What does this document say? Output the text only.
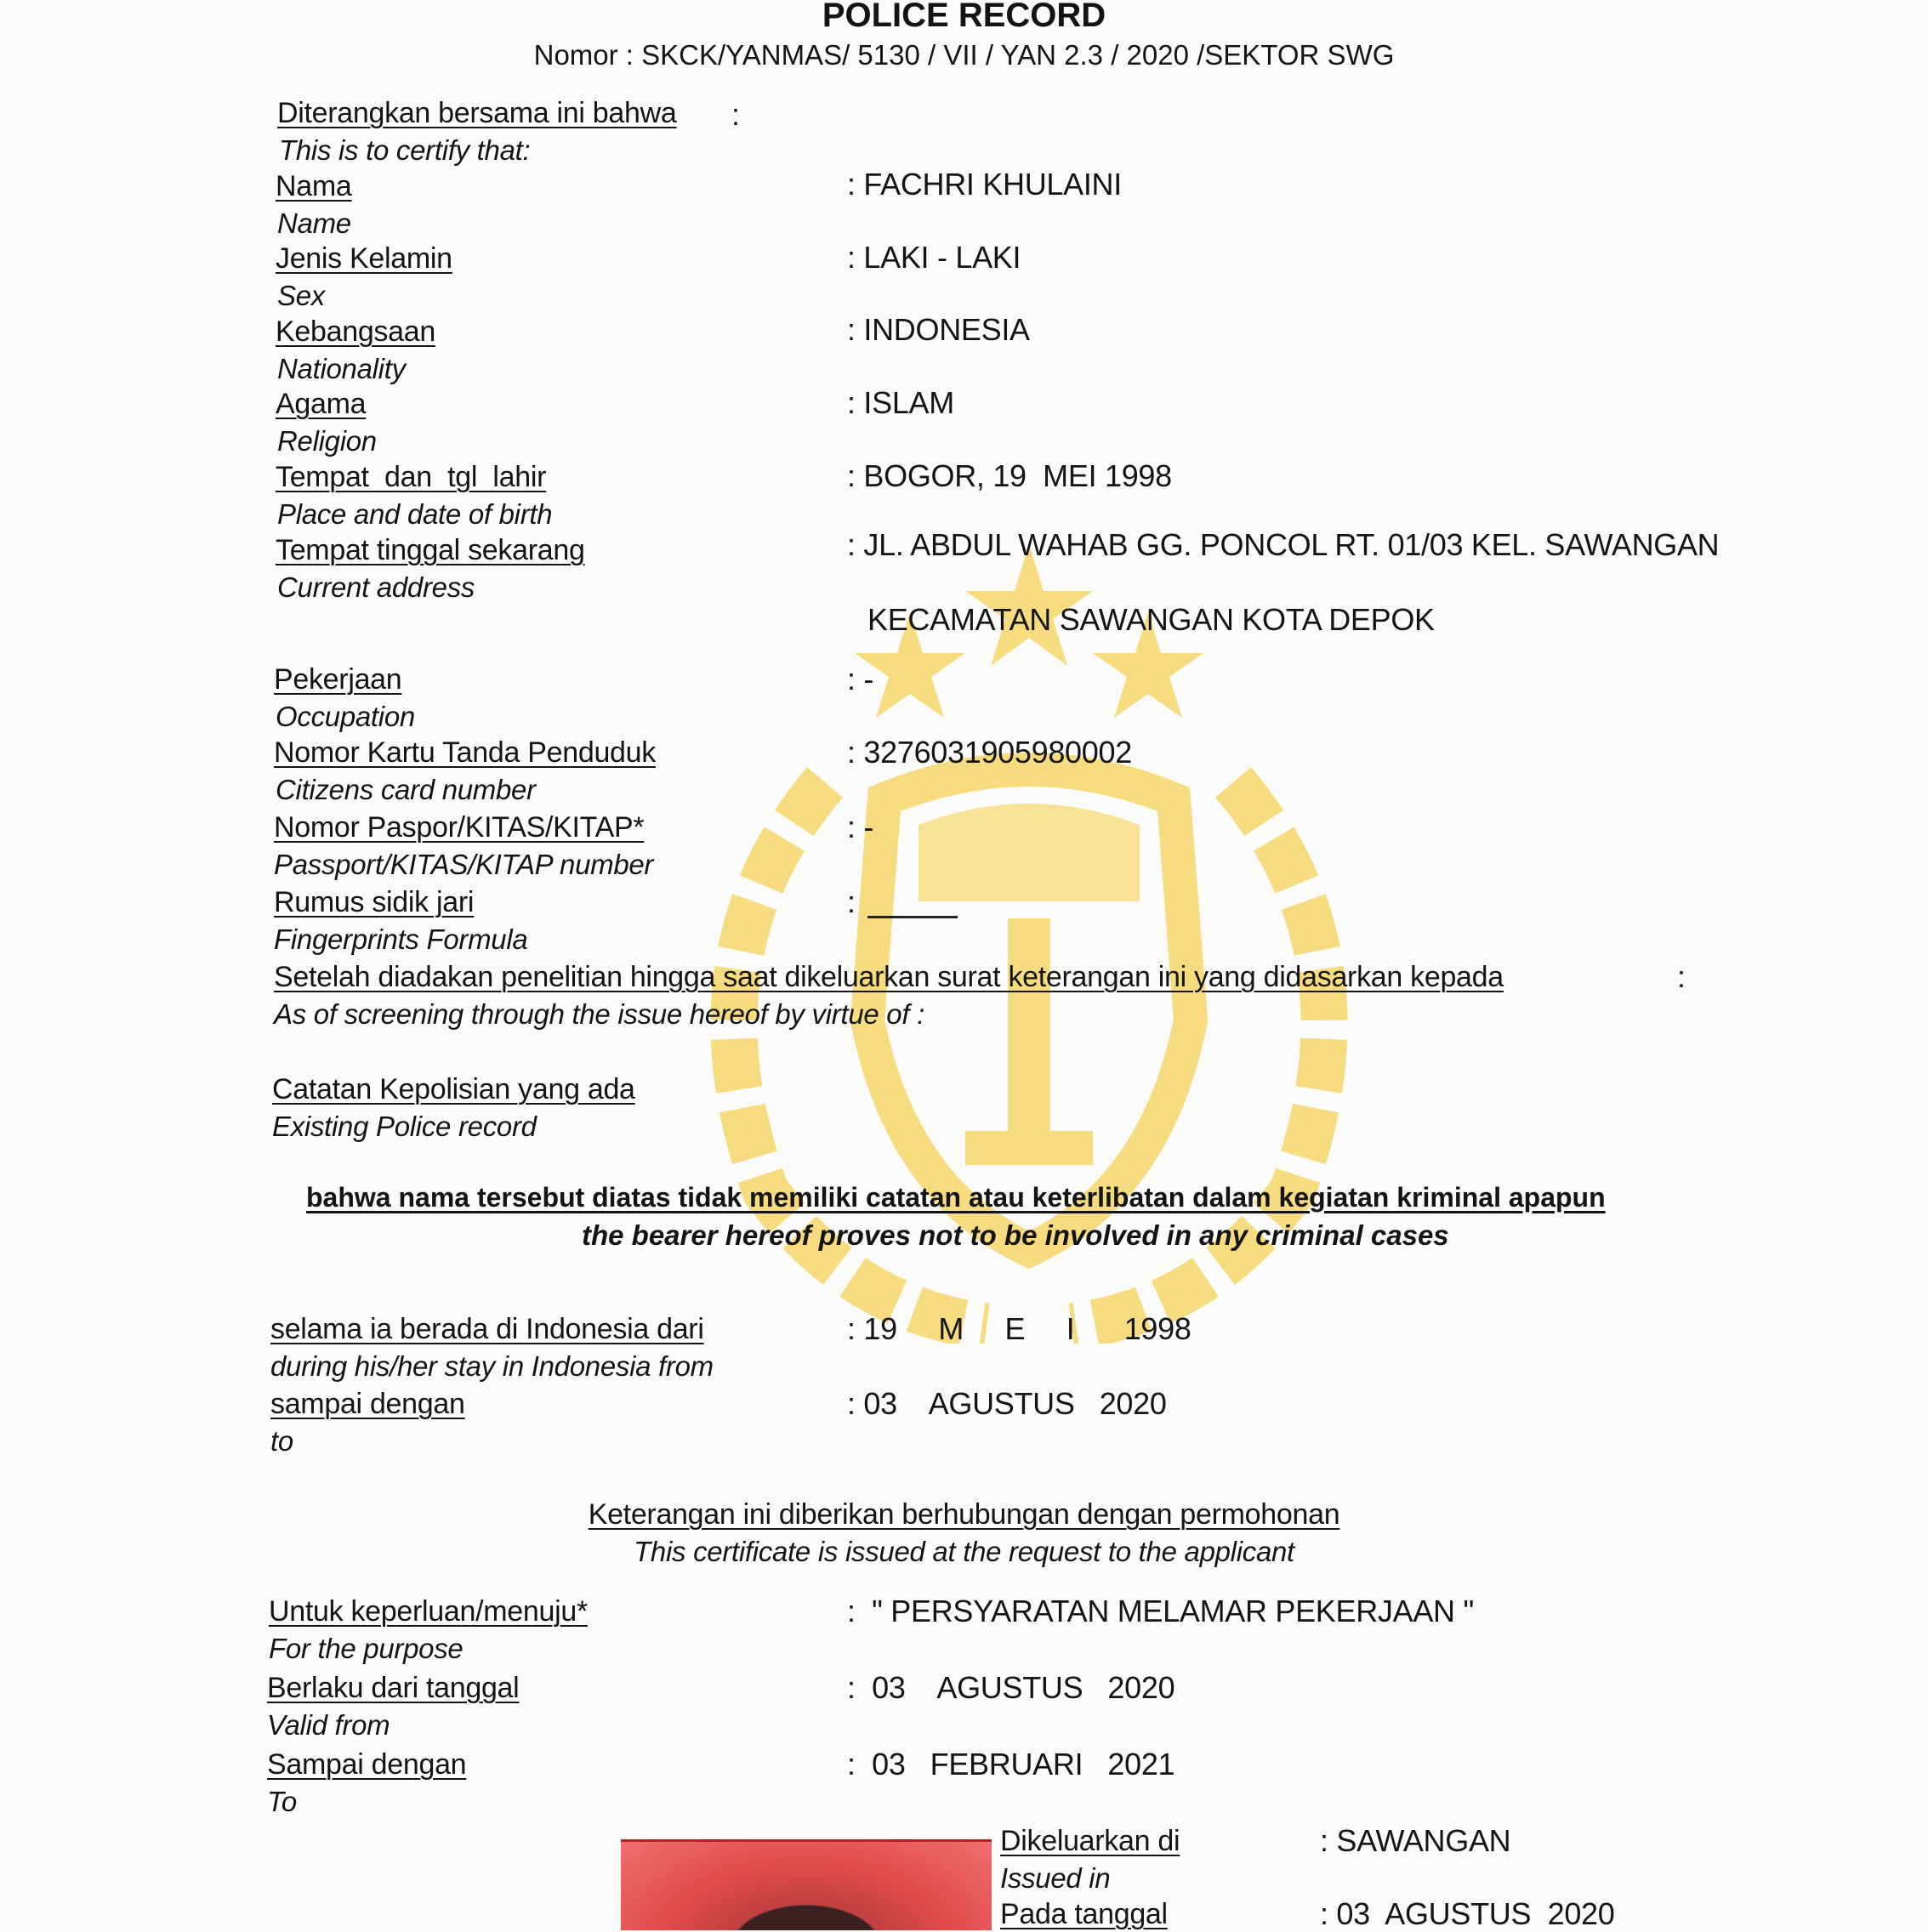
POLICE RECORD
Nomor : SKCK/YANMAS/ 5130 / VII / YAN 2.3 / 2020 /SEKTOR SWG
Diterangkan bersama ini bahwa :
This is to certify that:
Nama
Name
: FACHRI KHULAINI
Jenis Kelamin
Sex
: LAKI - LAKI
Kebangsaan
Nationality
: INDONESIA
Agama
Religion
: ISLAM
Tempat  dan  tgl  lahir
Place and date of birth
: BOGOR, 19  MEI 1998
Tempat tinggal sekarang
Current address
: JL. ABDUL WAHAB GG. PONCOL RT. 01/03 KEL. SAWANGAN
KECAMATAN SAWANGAN KOTA DEPOK
Pekerjaan
Occupation
: -
Nomor Kartu Tanda Penduduk
Citizens card number
: 3276031905980002
Nomor Paspor/KITAS/KITAP*
Passport/KITAS/KITAP number
: -
Rumus sidik jari
Fingerprints Formula
:
Setelah diadakan penelitian hingga saat dikeluarkan surat keterangan ini yang didasarkan kepada	:
As of screening through the issue hereof by virtue of :
Catatan Kepolisian yang ada
Existing Police record
bahwa nama tersebut diatas tidak memiliki catatan atau keterlibatan dalam kegiatan kriminal apapun
the bearer hereof proves not to be involved in any criminal cases
selama ia berada di Indonesia dari
during his/her stay in Indonesia from
: 19     M     E     I      1998
sampai dengan
to
: 03    AGUSTUS   2020
Keterangan ini diberikan berhubungan dengan permohonan
This certificate is issued at the request to the applicant
Untuk keperluan/menuju*
For the purpose
:  " PERSYARATAN MELAMAR PEKERJAAN "
Berlaku dari tanggal
Valid from
:  03    AGUSTUS   2020
Sampai dengan
To
:  03   FEBRUARI   2021
Dikeluarkan di
Issued in
: SAWANGAN
Pada tanggal	: 03  AGUSTUS  2020
